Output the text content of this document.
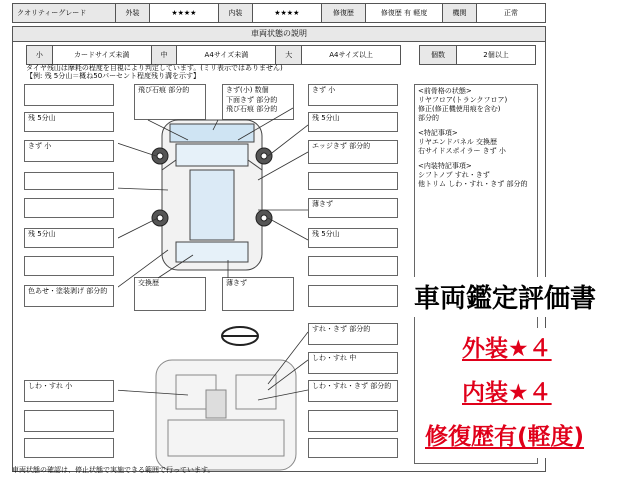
クオリティーグレード	外装	★★★★	内装	★★★★	修復歴	修復歴 有 軽度	機関	正常
車両状態の説明
小	カードサイズ未満	中	A4サイズ未満	大	A4サイズ以上		個数	2個以上
タイヤ残山は摩耗の程度を目視により判定しています。(ミリ表示ではありません)
【例: 残 5分山＝概ね50パーセント程度残り溝を示す】
飛び石痕 部分的	きず(小) 数個
下面きず 部分的
飛び石痕 部分的
きず 小
残 5分山
きず 小
残 5分山
色あせ・塗装剥げ 部分的
残 5分山
エッジきず 部分的
薄きず
残 5分山
交換歴	薄きず
すれ・きず 部分的
しわ・すれ 中
しわ・すれ 小	しわ・すれ・きず 部分的
<前骨格の状態>
リヤフロア(トランクフロア)
修正(修正機使用痕を含む)
部分的
<特記事項>
リヤエンドパネル 交換歴
右サイドスポイラー きず 小
<内装特記事項>
シフトノブ すれ・きず
他トリム しわ・すれ・きず 部分的
車両状態の確認は、停止状態で実施できる範囲で行っています。
車両鑑定評価書
外装★４
内装★４
修復歴有(軽度)
